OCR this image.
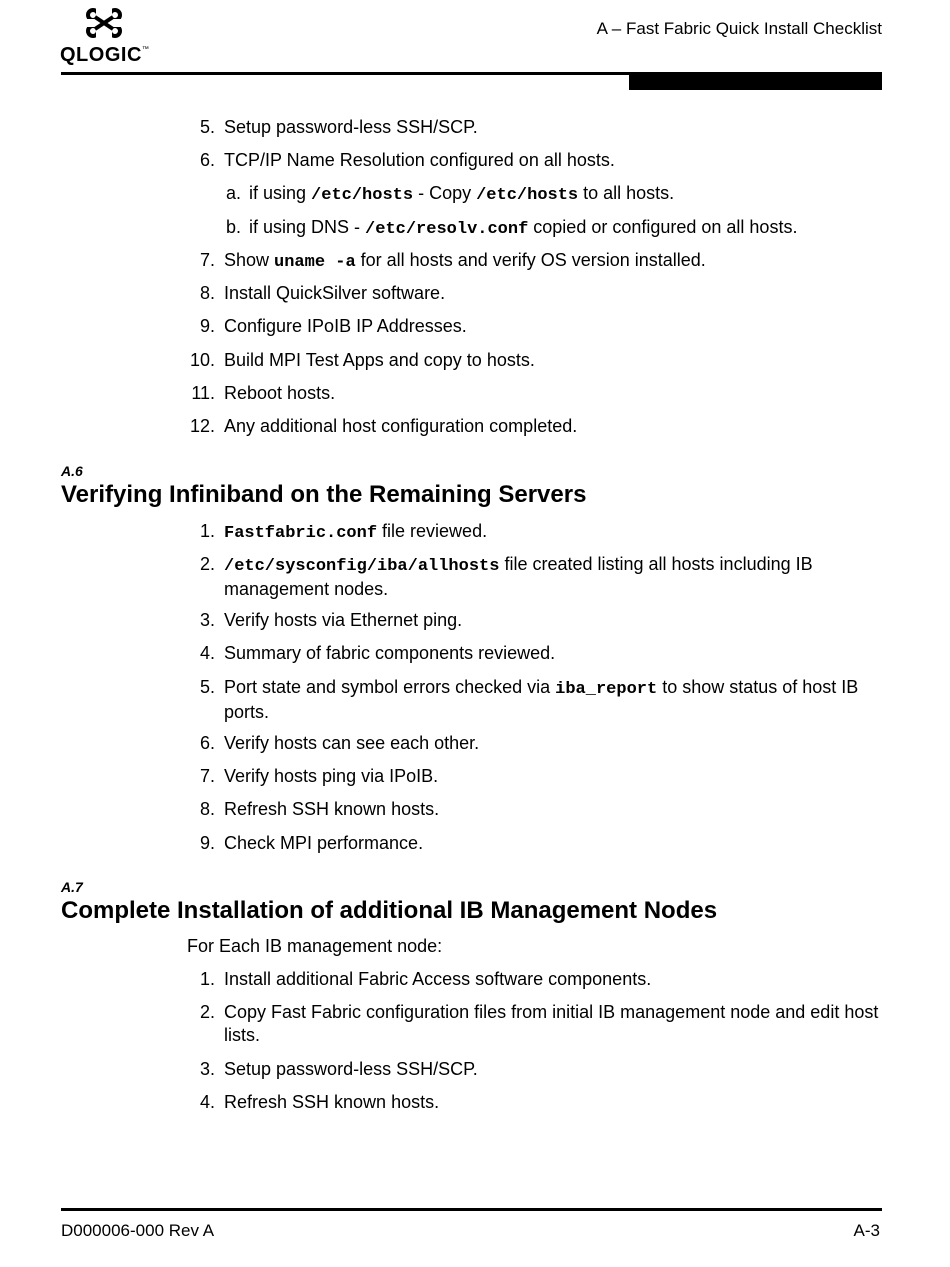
QLOGIC™
A – Fast Fabric Quick Install Checklist
5. Setup password-less SSH/SCP.
6. TCP/IP Name Resolution configured on all hosts.
a. if using /etc/hosts - Copy /etc/hosts to all hosts.
b. if using DNS - /etc/resolv.conf copied or configured on all hosts.
7. Show uname -a for all hosts and verify OS version installed.
8. Install QuickSilver software.
9. Configure IPoIB IP Addresses.
10. Build MPI Test Apps and copy to hosts.
11. Reboot hosts.
12. Any additional host configuration completed.
A.6
Verifying Infiniband on the Remaining Servers
1. Fastfabric.conf file reviewed.
2. /etc/sysconfig/iba/allhosts file created listing all hosts including IB management nodes.
3. Verify hosts via Ethernet ping.
4. Summary of fabric components reviewed.
5. Port state and symbol errors checked via iba_report to show status of host IB ports.
6. Verify hosts can see each other.
7. Verify hosts ping via IPoIB.
8. Refresh SSH known hosts.
9. Check MPI performance.
A.7
Complete Installation of additional IB Management Nodes
For Each IB management node:
1. Install additional Fabric Access software components.
2. Copy Fast Fabric configuration files from initial IB management node and edit host lists.
3. Setup password-less SSH/SCP.
4. Refresh SSH known hosts.
D000006-000 Rev A	A-3
